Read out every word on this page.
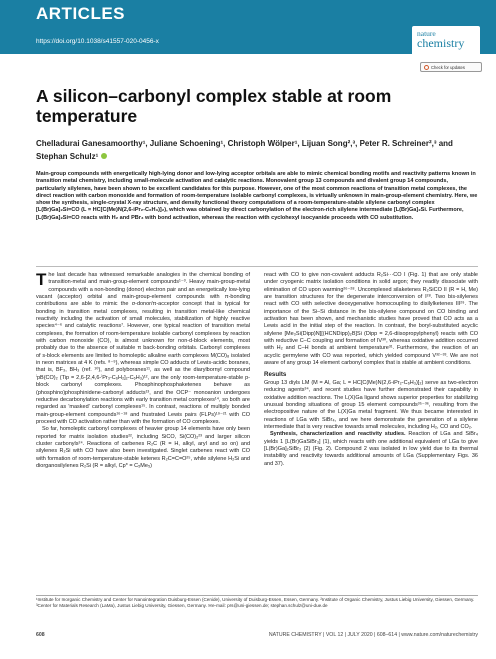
ARTICLES
https://doi.org/10.1038/s41557-020-0456-x
nature
chemistry
Check for updates
A silicon–carbonyl complex stable at room temperature
Chelladurai Ganesamoorthy¹, Juliane Schoening¹, Christoph Wölper¹, Lijuan Song²,³, Peter R. Schreiner²,³ and Stephan Schulz¹

Main-group compounds with energetically high-lying donor and low-lying acceptor orbitals are able to mimic chemical bonding motifs and reactivity patterns known in transition metal chemistry, including small-molecule activation and catalytic reactions. Monovalent group 13 compounds and divalent group 14 compounds, particularly silylenes, have been shown to be excellent candidates for this purpose. However, one of the most common reactions of transition metal complexes, the direct reaction with carbon monoxide and formation of room-temperature isolable carbonyl complexes, is virtually unknown in main-group-element chemistry. Here, we show the synthesis, single-crystal X-ray structure, and density functional theory computations of a room-temperature-stable silylene carbonyl complex [L(Br)Ga]₂Si=CO (L = HC[C(Me)N(2,6-iPr₂-C₆H₃)]₂), which was obtained by direct carbonylation of the electron-rich silylene intermediate [L(Br)Ga]₂Si. Furthermore, [L(Br)Ga]₂Si=CO reacts with H₂ and PBr₃ with bond activation, whereas the reaction with cyclohexyl isocyanide proceeds with CO substitution.

The last decade has witnessed remarkable analogies in the chemical bonding of transition-metal and main-group-element compounds¹⁻³. Heavy main-group-metal compounds with a non-bonding (donor) electron pair and an energetically low-lying vacant (acceptor) orbital and main-group-element compounds with π-bonding contributions are able to mimic the σ-donor/π-acceptor concept that is typical for bonding in transition metal complexes, resulting in transition metal-like chemical reactivity including the activation of small molecules, stabilization of highly reactive species⁴⁻⁶ and catalytic reactions⁷. However, one typical reaction of transition metal complexes, the formation of room-temperature isolable carbonyl complexes by reaction with carbon monoxide (CO), is almost unknown for non-d-block elements, most probably due to the absence of suitable π back-bonding orbitals. Carbonyl complexes of s-block elements are limited to homoleptic alkaline earth complexes M(CO)₈ isolated in neon matrices at 4 K (refs. ⁸⁻⁹), whereas simple CO adducts of Lewis-acidic boranes, that is, BF₃, BH₃ (ref. ¹⁰), and polyboranes¹¹, as well as the diarylbornyl compound ⁱpB(CO)₂ (Tip = 2,6-[2,4,6-ⁱPr₃-C₆H₂]₂-C₆H₃)¹², are the only room-temperature-stable p-block carbonyl complexes. Phosphinophosphaketenes behave as (phosphino)phosphinidene-carbonyl adducts¹³, and the OCP⁻ monoanion undergoes reductive decarbonylation reactions with early transition metal complexes¹⁴, so both are regarded as 'masked' carbonyl complexes¹⁵. In contrast, reactions of multiply bonded main-group-element compounds¹⁶⁻¹⁸ and frustrated Lewis pairs (FLPs)¹⁹⁻²¹ with CO proceed with CO activation rather than with the formation of CO complexes.

So far, homoleptic carbonyl complexes of heavier group 14 elements have only been reported for matrix isolation studies²², including SiCO, Si(CO)₂²³ and larger silicon cluster carbonyls²⁴. Reactions of carbenes R₂C (R = H, alkyl, aryl and so on) and silylenes R₂Si with CO have also been investigated. Singlet carbenes react with CO with formation of room-temperature-stable ketenes R₂C=C=O²⁵, while silylene H₂Si and diorganosilylenes R₂Si (R = alkyl, Cp* = C₅Me₅)

react with CO to give non-covalent adducts R₂Si···CO I (Fig. 1) that are only stable under cryogenic matrix isolation conditions in solid argon; they readily dissociate with elimination of CO upon warming²⁶⁻²⁸. Uncomplexed silaketenes R₂SiCO II (R = H, Me) are transition structures for the degenerate interconversion of I²⁸. Two bis-silylenes react with CO with selective deoxygenative homocoupling to disilylketenes III²⁹. The importance of the Si–Si distance in the bis-silylene compound on CO binding and activation has been shown, and mechanistic studies have proved that CO acts as a Lewis acid in the initial step of the reaction. In contrast, the boryl-substituted acyclic silylene [Me₃Si(Dipp)N][(HCNDipp)₂B]Si (Dipp = 2,6-diisopropylphenyl) reacts with CO with reductive C–C coupling and formation of IV³⁰, whereas oxidative addition occurred with H₂ and C–H bonds at ambient temperature³¹. Furthermore, the reaction of an acyclic germylene with CO was reported, which yielded compound V³²⁻³³. We are not aware of any group 14 element carbonyl complex that is stable at ambient conditions.

Results

Group 13 diyls LM (M = Al, Ga; L = HC[C(Me)N(2,6-iPr₂-C₆H₃)]₂) serve as two-electron reducing agents³⁴, and recent studies have further demonstrated their capability in oxidative addition reactions. The L(X)Ga ligand shows superior properties for stabilizing unusual bonding situations of group 15 element compounds³⁵⁻³⁶, resulting from the electropositive nature of the L(X)Ga metal fragment. We thus became interested in reactions of LGa with SiBr₄, and we here demonstrate the generation of a silylene intermediate that is very reactive towards small molecules, including H₂, CO and CO₂.

Synthesis, characterization and reactivity studies. Reaction of LGa and SiBr₄ yields 1 [L(Br)GaSiBr₃] (1), which reacts with one additional equivalent of LGa to give [L(Br)Ga]₂SiBr₂ (2) (Fig. 2). Compound 2 was isolated in low yield due to its thermal instability and reactivity towards additional amounts of LGa (Supplementary Figs. 36 and 37).

¹Institute for Inorganic Chemistry and Center for Nanointegration Duisburg-Essen (Cenide), University of Duisburg-Essen, Essen, Germany. ²Institute of Organic Chemistry, Justus Liebig University, Giessen, Germany. ³Center for Materials Research (LaMa), Justus Liebig University, Giessen, Germany. ✉e-mail: prs@uni-giessen.de; stephan.schulz@uni-due.de

608	NATURE CHEMISTRY | VOL 12 | JULY 2020 | 608–614 | www.nature.com/naturechemistry
